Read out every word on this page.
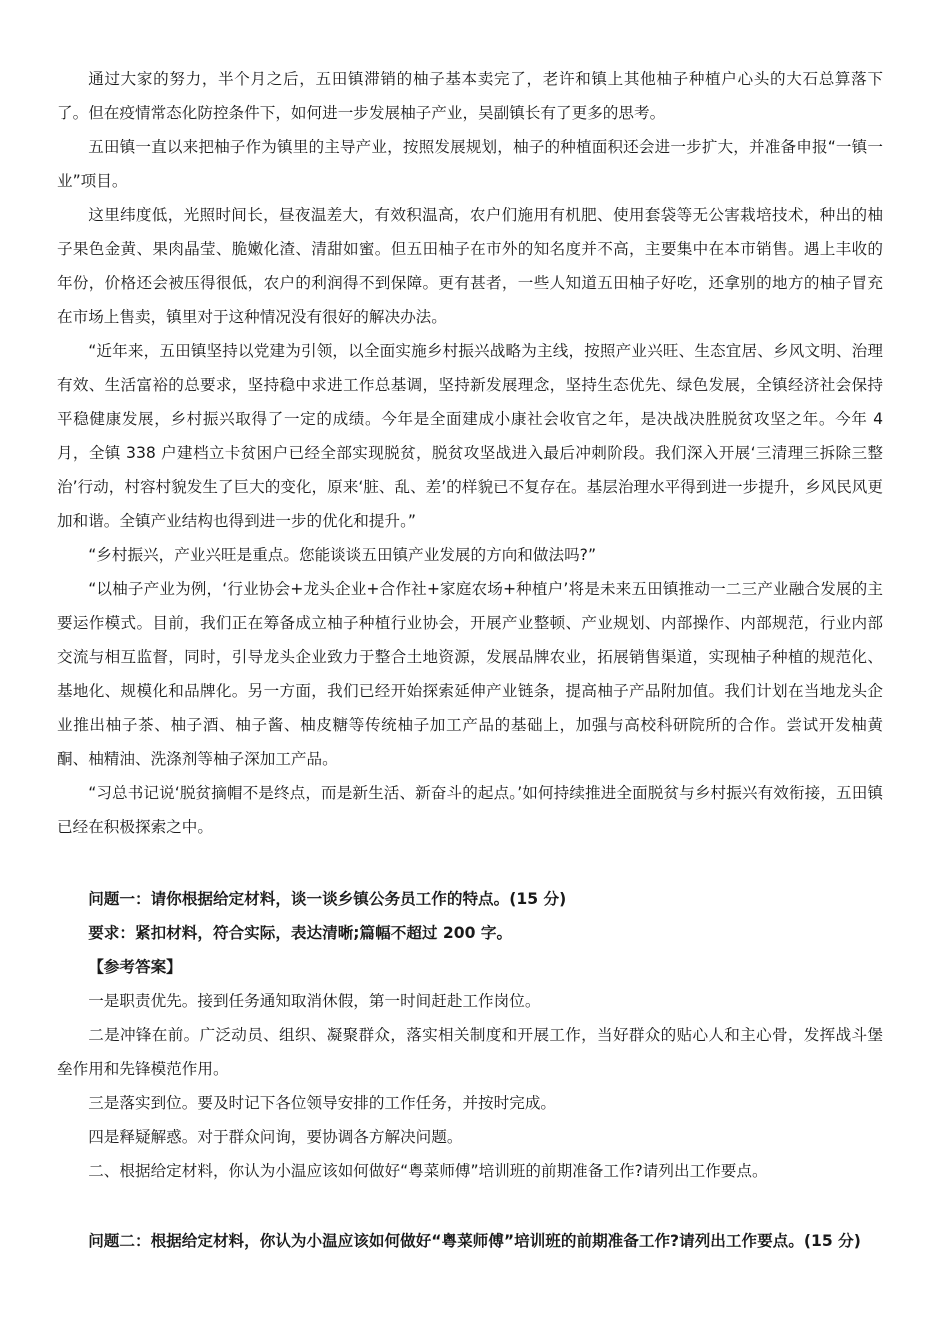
通过大家的努力，半个月之后，五田镇滞销的柚子基本卖完了，老许和镇上其他柚子种植户心头的大石总算落下了。但在疫情常态化防控条件下，如何进一步发展柚子产业，吴副镇长有了更多的思考。

五田镇一直以来把柚子作为镇里的主导产业，按照发展规划，柚子的种植面积还会进一步扩大，并准备申报“一镇一业”项目。

这里纬度低，光照时间长，昼夜温差大，有效积温高，农户们施用有机肥、使用套袋等无公害栽培技术，种出的柚子果色金黄、果肉晶莹、脆嫩化渣、清甜如蜜。但五田柚子在市外的知名度并不高，主要集中在本市销售。遇上丰收的年份，价格还会被压得很低，农户的利润得不到保障。更有甚者，一些人知道五田柚子好吃，还拿别的地方的柚子冒充在市场上售卖，镇里对于这种情况没有很好的解决办法。

“近年来，五田镇坚持以党建为引领，以全面实施乡村振兴战略为主线，按照产业兴旺、生态宜居、乡风文明、治理有效、生活富裕的总要求，坚持稳中求进工作总基调，坚持新发展理念，坚持生态优先、绿色发展，全镇经济社会保持平稳健康发展，乡村振兴取得了一定的成绩。今年是全面建成小康社会收官之年，是决战决胜脱贫攻坚之年。今年 4 月，全镇 338 户建档立卡贫困户已经全部实现脱贫，脱贫攻坚战进入最后冲刺阶段。我们深入开展‘三清理三拆除三整治’行动，村容村貌发生了巨大的变化，原来‘脏、乱、差’的样貌已不复存在。基层治理水平得到进一步提升，乡风民风更加和谐。全镇产业结构也得到进一步的优化和提升。”

“乡村振兴，产业兴旺是重点。您能谈谈五田镇产业发展的方向和做法吗?”

“以柚子产业为例，‘行业协会+龙头企业+合作社+家庭农场+种植户’将是未来五田镇推动一二三产业融合发展的主要运作模式。目前，我们正在筹备成立柚子种植行业协会，开展产业整顿、产业规划、内部操作、内部规范，行业内部交流与相互监督，同时，引导龙头企业致力于整合土地资源，发展品牌农业，拓展销售渠道，实现柚子种植的规范化、基地化、规模化和品牌化。另一方面，我们已经开始探索延伸产业链条，提高柚子产品附加值。我们计划在当地龙头企业推出柚子茶、柚子酒、柚子酱、柚皮糖等传统柚子加工产品的基础上，加强与高校科研院所的合作。尝试开发柚黄酮、柚精油、洗涤剂等柚子深加工产品。

“习总书记说‘脱贫摘帽不是终点，而是新生活、新奋斗的起点。’如何持续推进全面脱贫与乡村振兴有效衔接，五田镇已经在积极探索之中。

问题一：请你根据给定材料，谈一谈乡镇公务员工作的特点。(15 分)

要求：紧扣材料，符合实际，表达清晰;篇幅不超过 200 字。

【参考答案】

一是职责优先。接到任务通知取消休假，第一时间赶赴工作岗位。

二是冲锋在前。广泛动员、组织、凝聚群众，落实相关制度和开展工作，当好群众的贴心人和主心骨，发挥战斗堡垒作用和先锋模范作用。

三是落实到位。要及时记下各位领导安排的工作任务，并按时完成。

四是释疑解惑。对于群众问询，要协调各方解决问题。

二、根据给定材料，你认为小温应该如何做好“粤菜师傅”培训班的前期准备工作?请列出工作要点。

问题二：根据给定材料，你认为小温应该如何做好“粤菜师傅”培训班的前期准备工作?请列出工作要点。(15 分)
